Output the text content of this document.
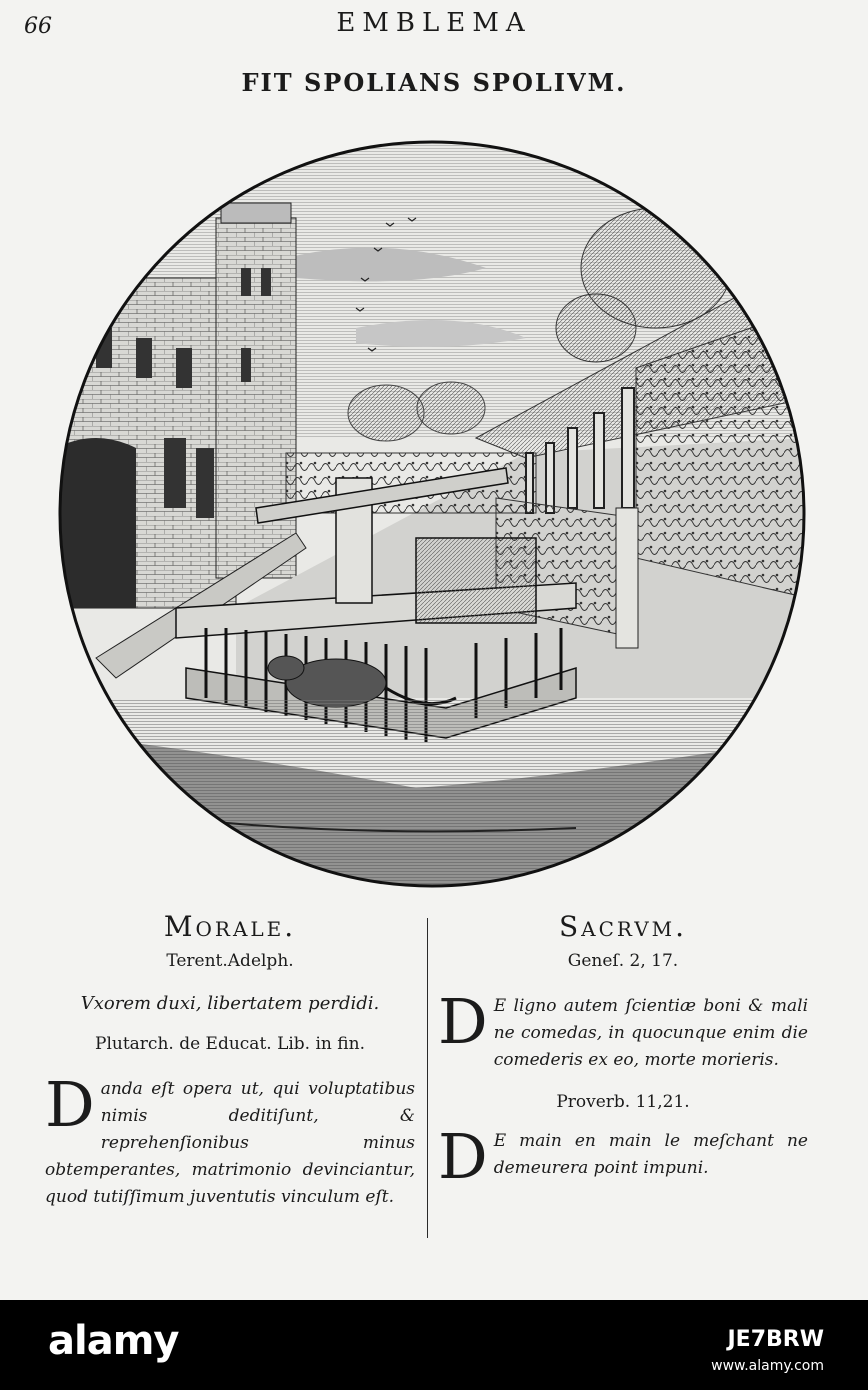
66	EMBLEMA
FIT SPOLIANS SPOLIVM.
Morale.
Terent.Adelph.
Vxorem duxi, libertatem perdidi.
Plutarch. de Educat. Lib. in fin.
D anda eſt opera ut, qui voluptatibus nimis deditiſunt, & reprehenſionibus minus obtemperantes, matrimonio devinciantur, quod tutiſſimum juventutis vinculum eſt.
Sacrvm.
Geneſ. 2, 17.
D E ligno autem ſcientiæ boni & mali ne comedas, in quocunque enim die comederis ex eo, morte morieris.
Proverb. 11,21.
D E main en main le meſchant ne demeurera point impuni.
alamy	JE7BRW
www.alamy.com
